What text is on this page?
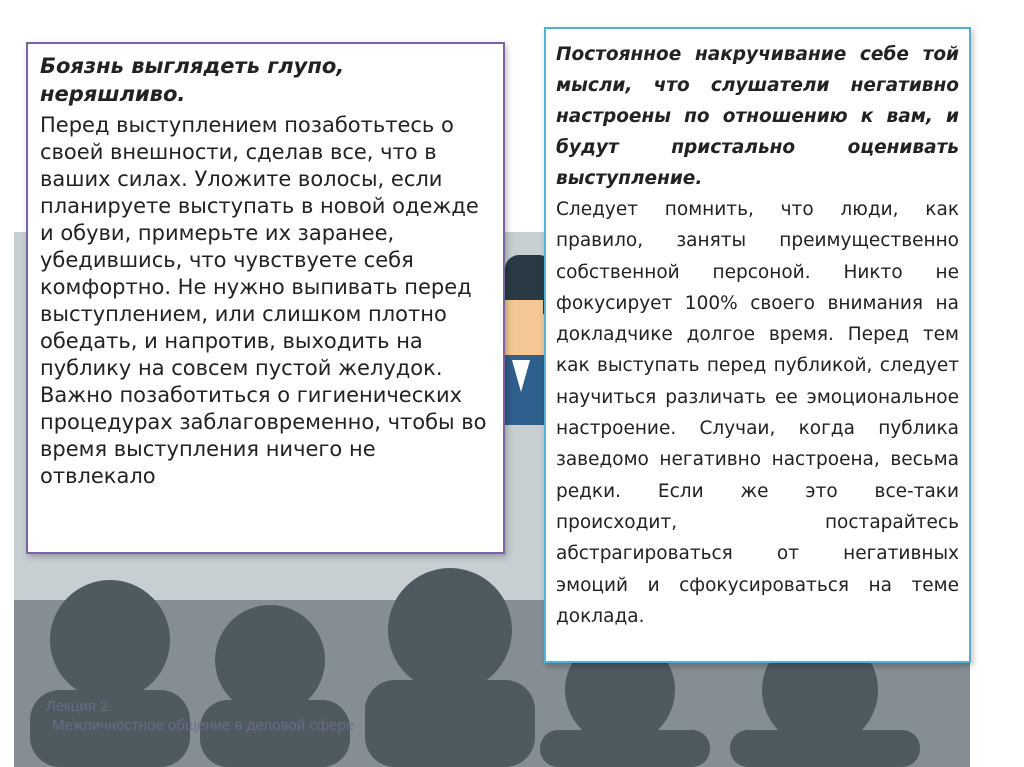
Боязнь выглядеть глупо, неряшливо.

Перед выступлением позаботьтесь о своей внешности, сделав все, что в ваших силах. Уложите волосы, если планируете выступать в новой одежде и обуви, примерьте их заранее, убедившись, что чувствуете себя комфортно. Не нужно выпивать перед выступлением, или слишком плотно обедать, и напротив, выходить на публику на совсем пустой желудок. Важно позаботиться о гигиенических процедурах заблаговременно, чтобы во время выступления ничего не отвлекало

Постоянное накручивание себе той мысли, что слушатели негативно настроены по отношению к вам, и будут пристально оценивать выступление.

Следует помнить, что люди, как правило, заняты преимущественно собственной персоной. Никто не фокусирует 100% своего внимания на докладчике долгое время. Перед тем как выступать перед публикой, следует научиться различать ее эмоциональное настроение. Случаи, когда публика заведомо негативно настроена, весьма редки. Если же это все-таки происходит, постарайтесь абстрагироваться от негативных эмоций и сфокусироваться на теме доклада.

Лекция 2.
Межличностное общение в деловой сфере
